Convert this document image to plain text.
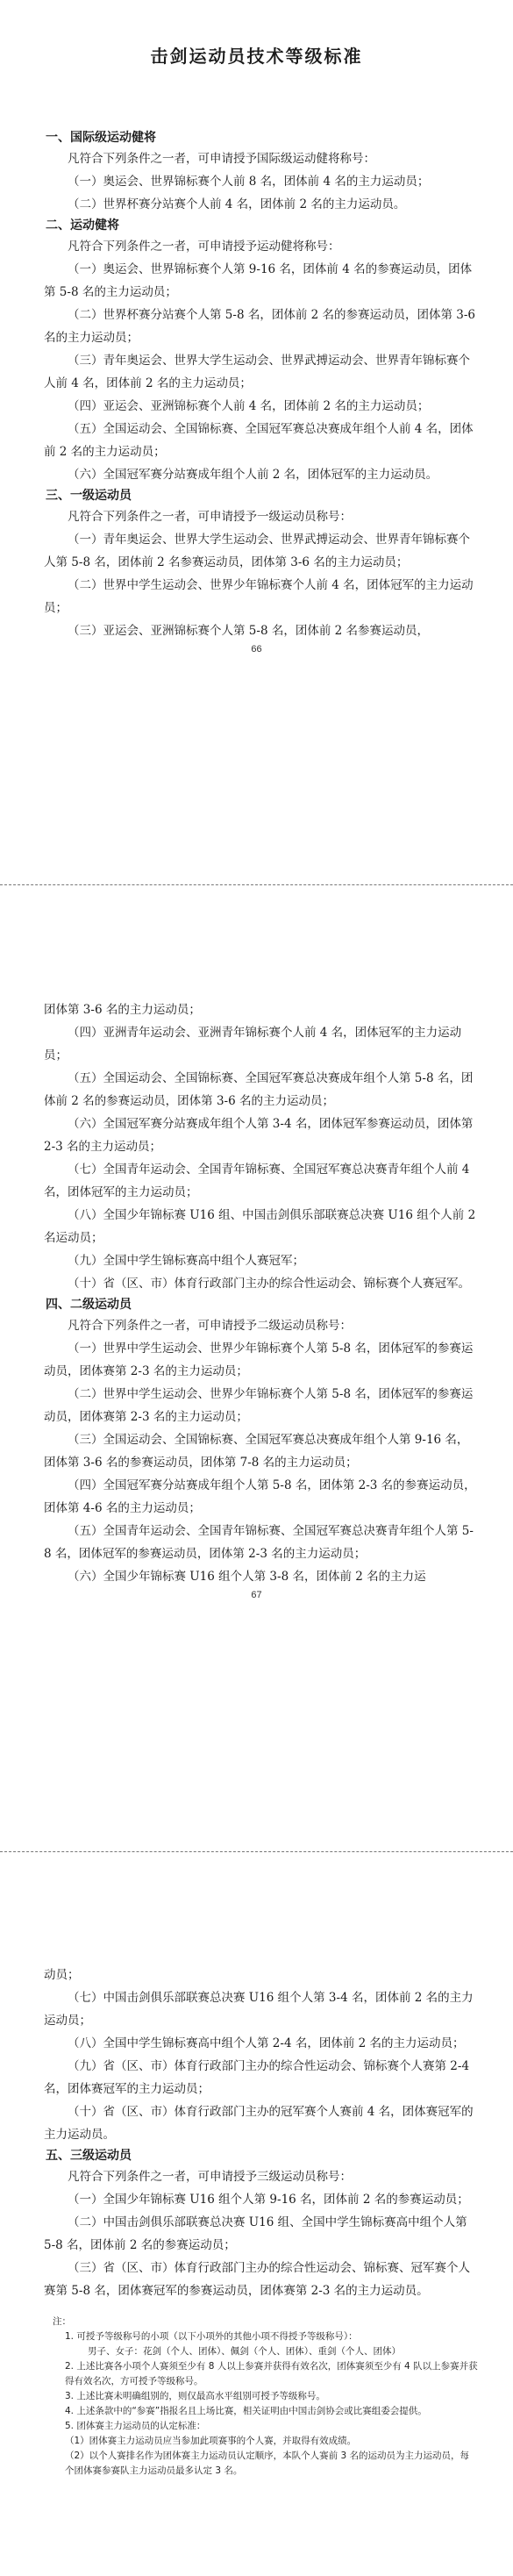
击剑运动员技术等级标准
一、国际级运动健将
凡符合下列条件之一者，可申请授予国际级运动健将称号：
（一）奥运会、世界锦标赛个人前 8 名，团体前 4 名的主力运动员；
（二）世界杯赛分站赛个人前 4 名，团体前 2 名的主力运动员。
二、运动健将
凡符合下列条件之一者，可申请授予运动健将称号：
（一）奥运会、世界锦标赛个人第 9-16 名，团体前 4 名的参赛运动员，团体第 5-8 名的主力运动员；
（二）世界杯赛分站赛个人第 5-8 名，团体前 2 名的参赛运动员，团体第 3-6 名的主力运动员；
（三）青年奥运会、世界大学生运动会、世界武搏运动会、世界青年锦标赛个人前 4 名，团体前 2 名的主力运动员；
（四）亚运会、亚洲锦标赛个人前 4 名，团体前 2 名的主力运动员；
（五）全国运动会、全国锦标赛、全国冠军赛总决赛成年组个人前 4 名，团体前 2 名的主力运动员；
（六）全国冠军赛分站赛成年组个人前 2 名，团体冠军的主力运动员。
三、一级运动员
凡符合下列条件之一者，可申请授予一级运动员称号：
（一）青年奥运会、世界大学生运动会、世界武搏运动会、世界青年锦标赛个人第 5-8 名，团体前 2 名参赛运动员，团体第 3-6 名的主力运动员；
（二）世界中学生运动会、世界少年锦标赛个人前 4 名，团体冠军的主力运动员；
（三）亚运会、亚洲锦标赛个人第 5-8 名，团体前 2 名参赛运动员，
66
团体第 3-6 名的主力运动员；
（四）亚洲青年运动会、亚洲青年锦标赛个人前 4 名，团体冠军的主力运动员；
（五）全国运动会、全国锦标赛、全国冠军赛总决赛成年组个人第 5-8 名，团体前 2 名的参赛运动员，团体第 3-6 名的主力运动员；
（六）全国冠军赛分站赛成年组个人第 3-4 名，团体冠军参赛运动员，团体第 2-3 名的主力运动员；
（七）全国青年运动会、全国青年锦标赛、全国冠军赛总决赛青年组个人前 4 名，团体冠军的主力运动员；
（八）全国少年锦标赛 U16 组、中国击剑俱乐部联赛总决赛 U16 组个人前 2 名运动员；
（九）全国中学生锦标赛高中组个人赛冠军；
（十）省（区、市）体育行政部门主办的综合性运动会、锦标赛个人赛冠军。
四、二级运动员
凡符合下列条件之一者，可申请授予二级运动员称号：
（一）世界中学生运动会、世界少年锦标赛个人第 5-8 名，团体冠军的参赛运动员，团体赛第 2-3 名的主力运动员；
（二）世界中学生运动会、世界少年锦标赛个人第 5-8 名，团体冠军的参赛运动员，团体赛第 2-3 名的主力运动员；
（三）全国运动会、全国锦标赛、全国冠军赛总决赛成年组个人第 9-16 名，团体第 3-6 名的参赛运动员，团体第 7-8 名的主力运动员；
（四）全国冠军赛分站赛成年组个人第 5-8 名，团体第 2-3 名的参赛运动员，团体第 4-6 名的主力运动员；
（五）全国青年运动会、全国青年锦标赛、全国冠军赛总决赛青年组个人第 5-8 名，团体冠军的参赛运动员，团体第 2-3 名的主力运动员；
（六）全国少年锦标赛 U16 组个人第 3-8 名，团体前 2 名的主力运
67
动员；
（七）中国击剑俱乐部联赛总决赛 U16 组个人第 3-4 名，团体前 2 名的主力运动员；
（八）全国中学生锦标赛高中组个人第 2-4 名，团体前 2 名的主力运动员；
（九）省（区、市）体育行政部门主办的综合性运动会、锦标赛个人赛第 2-4 名，团体赛冠军的主力运动员；
（十）省（区、市）体育行政部门主办的冠军赛个人赛前 4 名，团体赛冠军的主力运动员。
五、三级运动员
凡符合下列条件之一者，可申请授予三级运动员称号：
（一）全国少年锦标赛 U16 组个人第 9-16 名，团体前 2 名的参赛运动员；
（二）中国击剑俱乐部联赛总决赛 U16 组、全国中学生锦标赛高中组个人第 5-8 名，团体前 2 名的参赛运动员；
（三）省（区、市）体育行政部门主办的综合性运动会、锦标赛、冠军赛个人赛第 5-8 名，团体赛冠军的参赛运动员，团体赛第 2-3 名的主力运动员。
注：
1. 可授予等级称号的小项（以下小项外的其他小项不得授予等级称号）：
男子、女子：花剑（个人、团体）、佩剑（个人、团体）、重剑（个人、团体）
2. 上述比赛各小项个人赛须至少有 8 人以上参赛并获得有效名次，团体赛须至少有 4 队以上参赛并获得有效名次，方可授予等级称号。
3. 上述比赛未明确组别的，则仅最高水平组别可授予等级称号。
4. 上述条款中的“参赛”指报名且上场比赛，相关证明由中国击剑协会或比赛组委会提供。
5. 团体赛主力运动员的认定标准：
（1）团体赛主力运动员应当参加此项赛事的个人赛，并取得有效成绩。
（2）以个人赛排名作为团体赛主力运动员认定顺序，本队个人赛前 3 名的运动员为主力运动员，每个团体赛参赛队主力运动员最多认定 3 名。
